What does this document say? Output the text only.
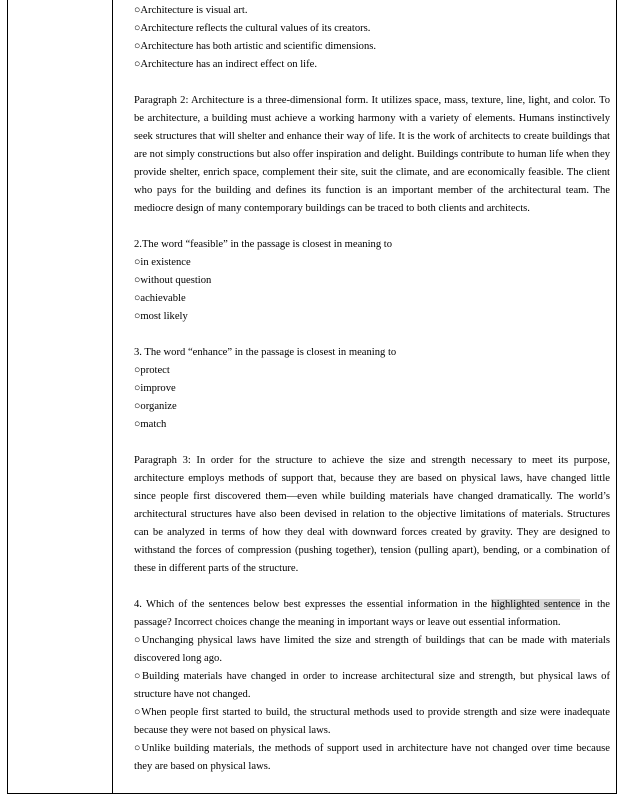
○Architecture is visual art.

○Architecture reflects the cultural values of its creators.

○Architecture has both artistic and scientific dimensions.

○Architecture has an indirect effect on life.

Paragraph 2: Architecture is a three-dimensional form. It utilizes space, mass, texture, line, light, and color. To be architecture, a building must achieve a working harmony with a variety of elements. Humans instinctively seek structures that will shelter and enhance their way of life. It is the work of architects to create buildings that are not simply constructions but also offer inspiration and delight. Buildings contribute to human life when they provide shelter, enrich space, complement their site, suit the climate, and are economically feasible. The client who pays for the building and defines its function is an important member of the architectural team. The mediocre design of many contemporary buildings can be traced to both clients and architects.

2.The word “feasible” in the passage is closest in meaning to

○in existence

○without question

○achievable

○most likely

3. The word “enhance” in the passage is closest in meaning to

○protect

○improve

○organize

○match

Paragraph 3: In order for the structure to achieve the size and strength necessary to meet its purpose, architecture employs methods of support that, because they are based on physical laws, have changed little since people first discovered them—even while building materials have changed dramatically. The world’s architectural structures have also been devised in relation to the objective limitations of materials. Structures can be analyzed in terms of how they deal with downward forces created by gravity. They are designed to withstand the forces of compression (pushing together), tension (pulling apart), bending, or a combination of these in different parts of the structure.

4. Which of the sentences below best expresses the essential information in the highlighted sentence in the passage? Incorrect choices change the meaning in important ways or leave out essential information.

○Unchanging physical laws have limited the size and strength of buildings that can be made with materials discovered long ago.

○Building materials have changed in order to increase architectural size and strength, but physical laws of structure have not changed.

○When people first started to build, the structural methods used to provide strength and size were inadequate because they were not based on physical laws.

○Unlike building materials, the methods of support used in architecture have not changed over time because they are based on physical laws.
